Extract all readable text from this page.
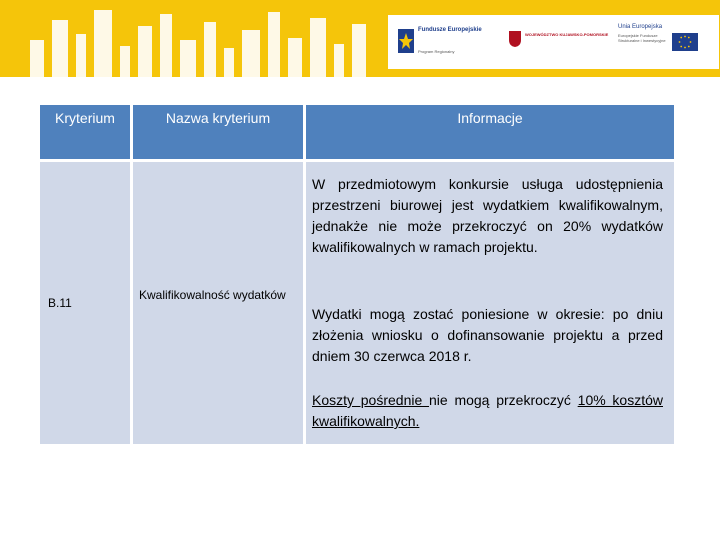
Fundusze Europejskie
Program Regionalny
WOJEWÓDZTWO KUJAWSKO-POMORSKIE
Unia Europejska
Europejskie Fundusze Strukturalne i Inwestycyjne
Kryterium	Nazwa kryterium	Informacje
B.11
Kwalifikowalność wydatków
W przedmiotowym konkursie usługa udostępnienia przestrzeni biurowej jest wydatkiem kwalifikowalnym, jednakże nie może przekroczyć on 20% wydatków kwalifikowalnych w ramach projektu.
Wydatki mogą zostać poniesione w okresie: po dniu złożenia wniosku o dofinansowanie projektu a przed dniem 30 czerwca 2018 r.
Koszty pośrednie nie mogą przekroczyć 10% kosztów kwalifikowalnych.
